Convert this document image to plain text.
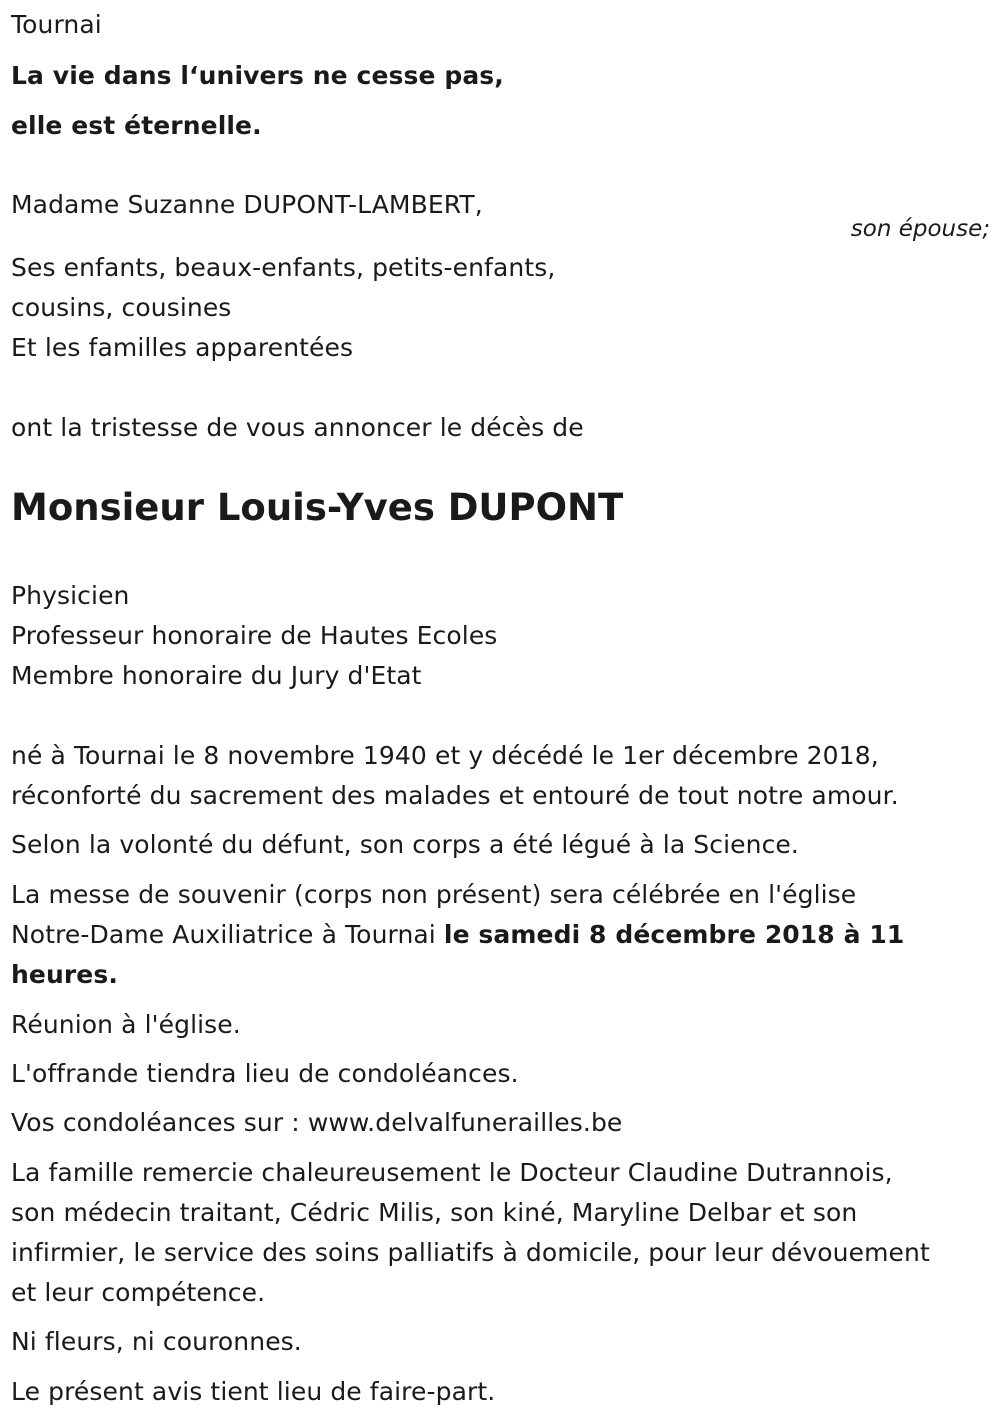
Tournai
La vie dans l‘univers ne cesse pas,
elle est éternelle.
Madame Suzanne DUPONT-LAMBERT,
son épouse;
Ses enfants, beaux-enfants, petits-enfants,
cousins, cousines
Et les familles apparentées
ont la tristesse de vous annoncer le décès de
Monsieur Louis-Yves DUPONT
Physicien
Professeur honoraire de Hautes Ecoles
Membre honoraire du Jury d'Etat
né à Tournai le 8 novembre 1940 et y décédé le 1er décembre 2018,
réconforté du sacrement des malades et entouré de tout notre amour.
Selon la volonté du défunt, son corps a été légué à la Science.
La messe de souvenir (corps non présent) sera célébrée en l'église
Notre-Dame Auxiliatrice à Tournai le samedi 8 décembre 2018 à 11
heures.
Réunion à l'église.
L'offrande tiendra lieu de condoléances.
Vos condoléances sur : www.delvalfunerailles.be
La famille remercie chaleureusement le Docteur Claudine Dutrannois,
son médecin traitant, Cédric Milis, son kiné, Maryline Delbar et son
infirmier, le service des soins palliatifs à domicile, pour leur dévouement
et leur compétence.
Ni fleurs, ni couronnes.
Le présent avis tient lieu de faire-part.
